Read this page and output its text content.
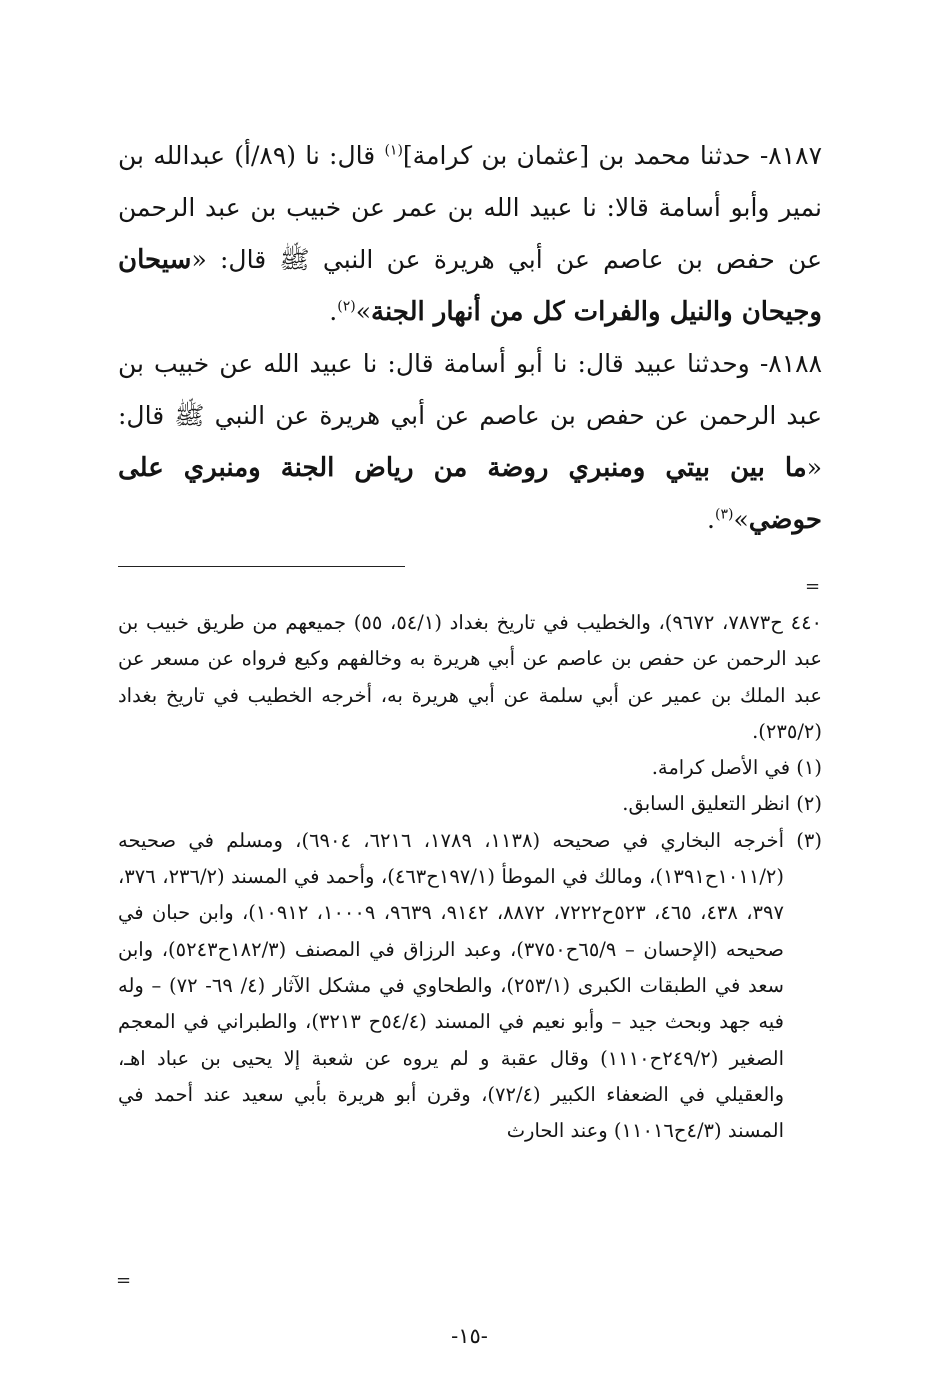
٨١٨٧- حدثنا محمد بن [عثمان بن كرامة]$^{(١)}$ قال: نا (٨٩/أ) عبدالله بن نمير وأبو أسامة قالا: نا عبيد الله بن عمر عن خبيب بن عبد الرحمن عن حفص بن عاصم عن أبي هريرة عن النبي ﷺ قال: «سيحان وجيحان والنيل والفرات كل من أنهار الجنة»$^{(٢)}$.

٨١٨٨- وحدثنا عبيد قال: نا أبو أسامة قال: نا عبيد الله عن خبيب بن عبد الرحمن عن حفص بن عاصم عن أبي هريرة عن النبي ﷺ قال: «ما بين بيتي ومنبري روضة من رياض الجنة ومنبري على حوضي»$^{(٣)}$.

=

٤٤٠ ح٧٨٧٣، ٩٦٧٢)، والخطيب في تاريخ بغداد (٥٤/١، ٥٥) جميعهم من طريق خبيب بن عبد الرحمن عن حفص بن عاصم عن أبي هريرة به وخالفهم وكيع فرواه عن مسعر عن عبد الملك بن عمير عن أبي سلمة عن أبي هريرة به، أخرجه الخطيب في تاريخ بغداد (٢٣٥/٢).

(١) في الأصل كرامة.

(٢) انظر التعليق السابق.

(٣) أخرجه البخاري في صحيحه (١١٣٨، ١٧٨٩، ٦٢١٦، ٦٩٠٤)، ومسلم في صحيحه (١٠١١/٢ح١٣٩١)، ومالك في الموطأ (١٩٧/١ح٤٦٣)، وأحمد في المسند (٢٣٦/٢، ٣٧٦، ٣٩٧، ٤٣٨، ٤٦٥، ٥٢٣ح٧٢٢٢، ٨٨٧٢، ٩١٤٢، ٩٦٣٩، ١٠٠٠٩، ١٠٩١٢)، وابن حبان في صحيحه (الإحسان – ٦٥/٩ح٣٧٥٠)، وعبد الرزاق في المصنف (١٨٢/٣ح٥٢٤٣)، وابن سعد في الطبقات الكبرى (٢٥٣/١)، والطحاوي في مشكل الآثار (٤/ ٦٩- ٧٢) – وله فيه جهد وبحث جيد – وأبو نعيم في المسند (٥٤/٤ح ٣٢١٣)، والطبراني في المعجم الصغير (٢٤٩/٢ح١١١٠) وقال عقبة و لم يروه عن شعبة إلا يحيى بن عباد اهـ، والعقيلي في الضعفاء الكبير (٧٢/٤)، وقرن أبو هريرة بأبي سعيد عند أحمد في المسند (٤/٣ح١١٠١٦) وعند الحارث

=
-١٥-
